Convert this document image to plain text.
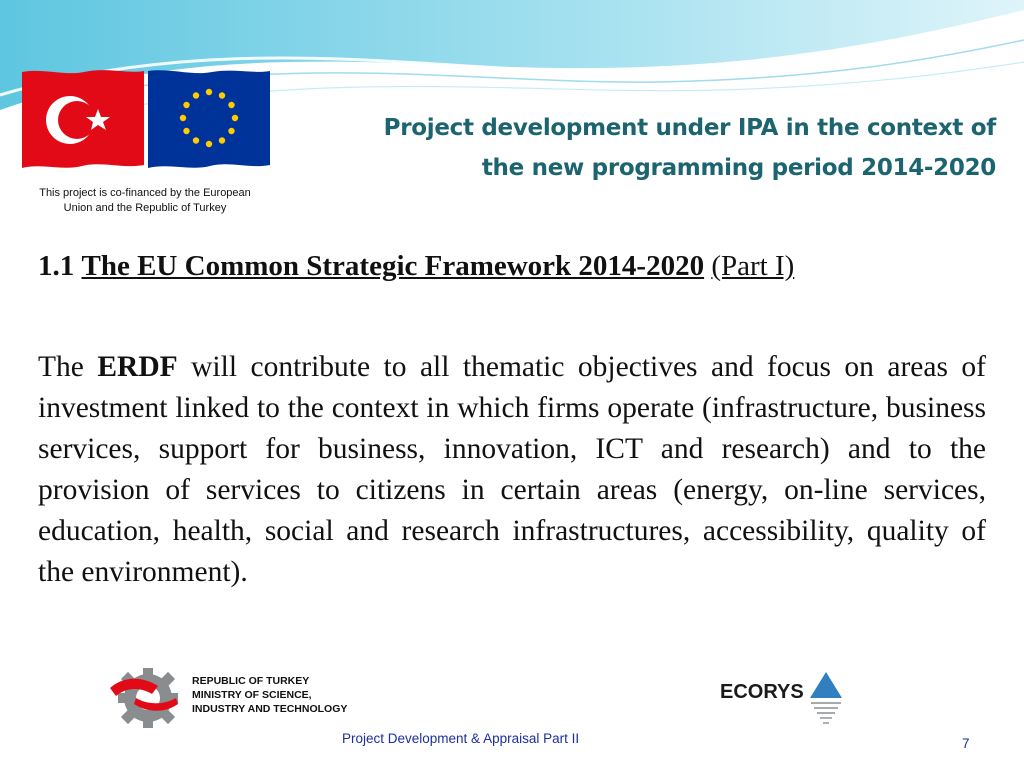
This project is co-financed by the European
Union and the Republic of Turkey
Project development under IPA in the context of
the new programming period 2014-2020
1.1 The EU Common Strategic Framework 2014-2020 (Part I)
The ERDF will contribute to all thematic objectives and focus on areas of investment linked to the context in which firms operate (infrastructure, business services, support for business, innovation, ICT and research) and to the provision of services to citizens in certain areas (energy, on-line services, education, health, social and research infrastructures, accessibility, quality of the environment).
REPUBLIC OF TURKEY
MINISTRY OF SCIENCE,
INDUSTRY AND TECHNOLOGY
ECORYS
Project Development & Appraisal Part II	7
